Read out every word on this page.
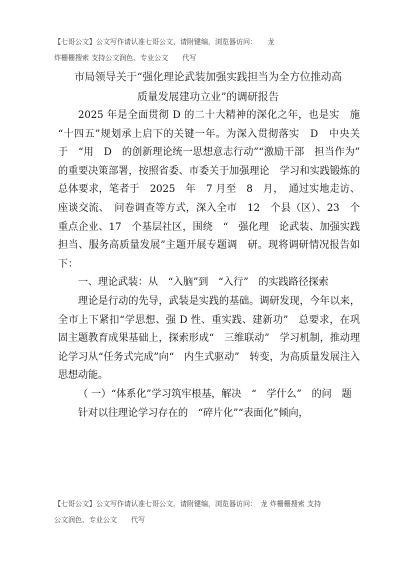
【七哥公文】公文写作请认准七哥公文，请附键编，浏览器访问：　　龙
炸栅栅搜索 支持公文润色、专业公文　　代写
市局领导关于“强化理论武装加强实践担当为全方位推动高
质量发展建功立业”的调研报告

2025 年是全面贯彻 D 的二十大精神的深化之年，也是实　施 “十四五”规划承上启下的关键一年。为深入贯彻落实　D　中央关于　“用　D　的创新理论统一思想意志行动”“激励干部　担当作为”　的重要决策部署，按照省委、市委关于加强理论　学习和实践锻炼的总体要求，笔者于　2025　年　7 月至　8　月，　通过实地走访、座谈交流、　问卷调查等方式，深入全市　12　个县（区）、23　个重点企业、17　个基层社区，围绕　“　强化理　论武装、加强实践担当、服务高质量发展”主题开展专题调　研。现将调研情况报告如下：

一、理论武装：从　“入脑”到　“入行”　的实践路径探索

理论是行动的先导，武装是实践的基础。调研发现，今年以来，全市上下紧扣“学思想、强 D 性、重实践、建新功”　总要求，在巩固主题教育成果基础上，探索形成“　三维联动”　学习机制，推动理论学习从“任务式完成”向“　内生式驱动”　转变，为高质量发展注入思想动能。

（ 一）“体系化”学习筑牢根基，解决　“　学什么”　的问　题

针对以往理论学习存在的　“碎片化”“表面化”倾向，

【七哥公文】公文写作请认准七哥公文，请附键编，浏览器访问：　龙 炸栅栅搜索 支持
公文润色、专业公文　　代写
